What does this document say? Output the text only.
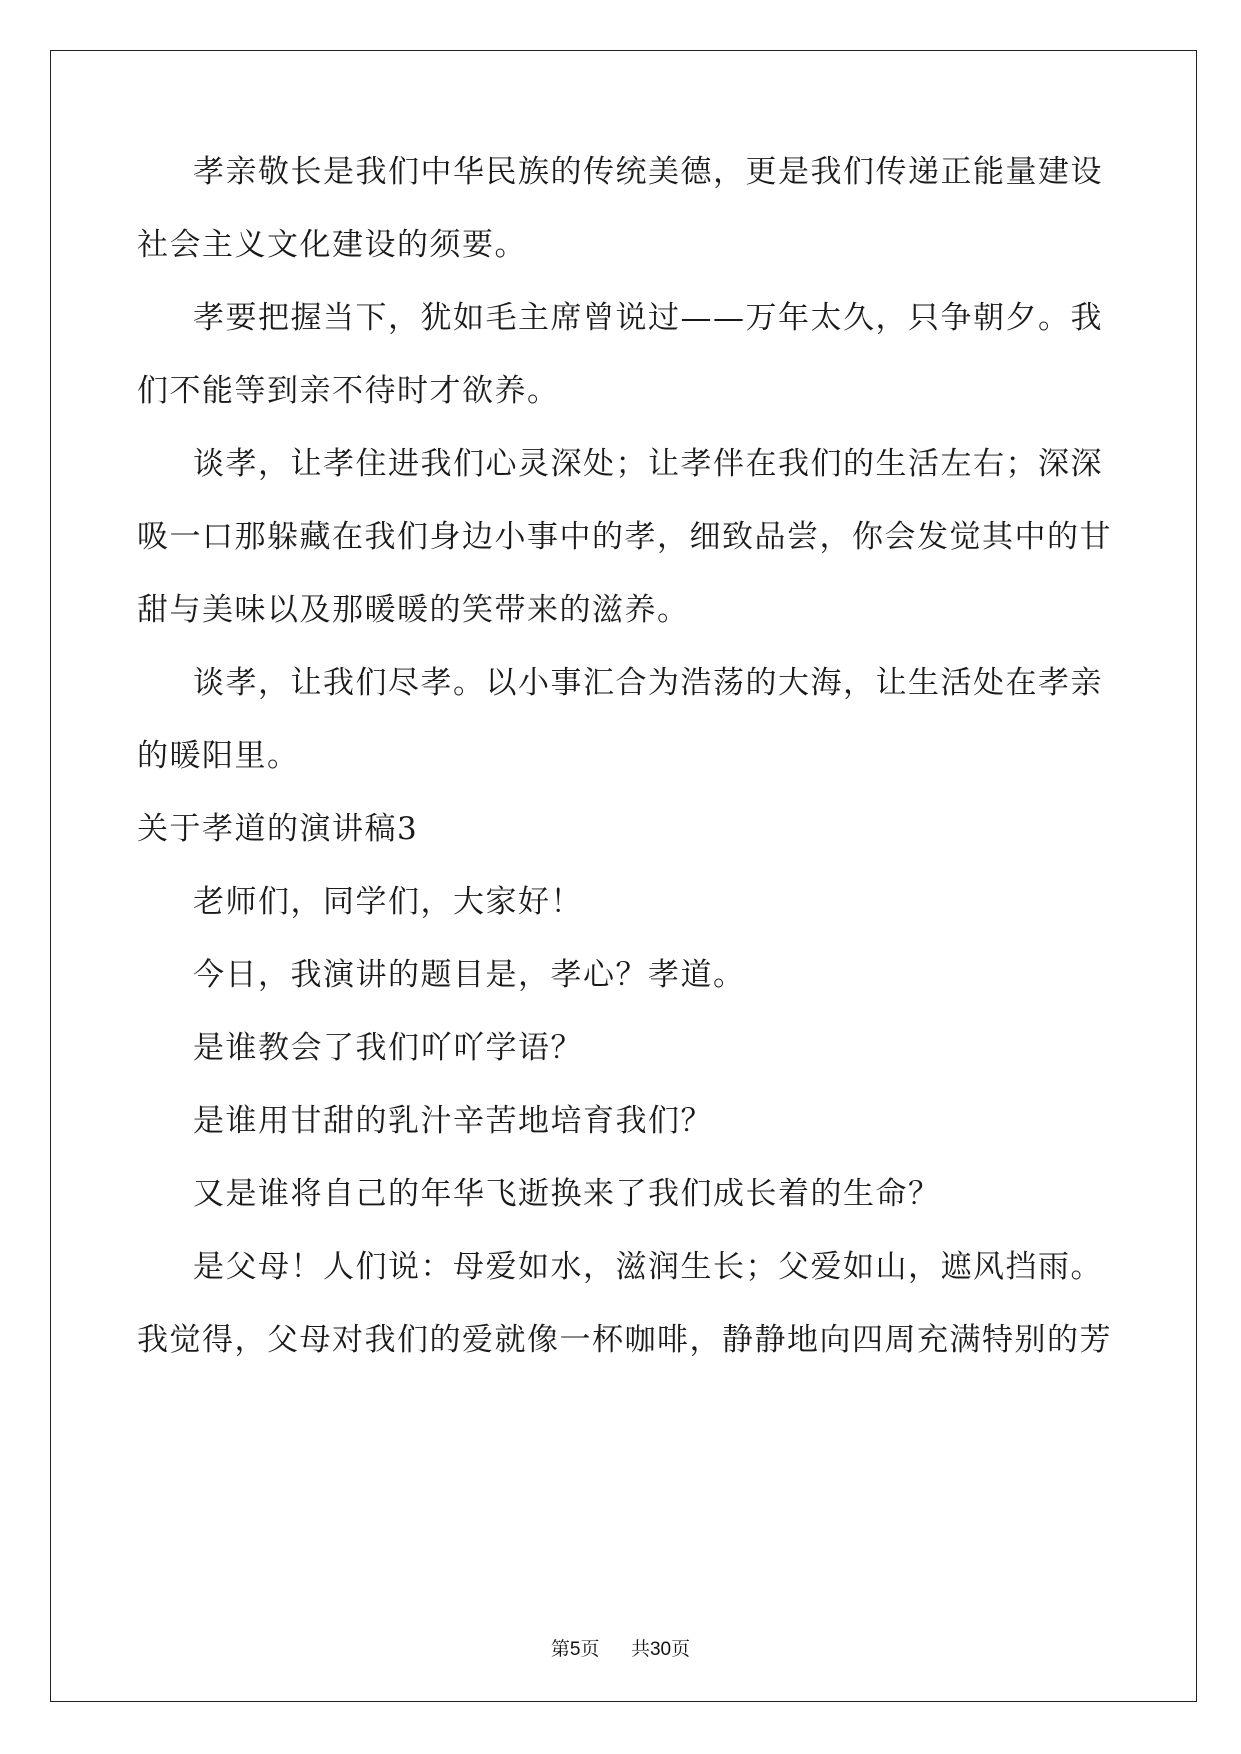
孝亲敬长是我们中华民族的传统美德，更是我们传递正能量建设
社会主义文化建设的须要。
孝要把握当下，犹如毛主席曾说过——万年太久，只争朝夕。我
们不能等到亲不待时才欲养。
谈孝，让孝住进我们心灵深处；让孝伴在我们的生活左右；深深
吸一口那躲藏在我们身边小事中的孝，细致品尝，你会发觉其中的甘
甜与美味以及那暖暖的笑带来的滋养。
谈孝，让我们尽孝。以小事汇合为浩荡的大海，让生活处在孝亲
的暖阳里。
关于孝道的演讲稿3
老师们，同学们，大家好！
今日，我演讲的题目是，孝心？孝道。
是谁教会了我们吖吖学语？
是谁用甘甜的乳汁辛苦地培育我们？
又是谁将自己的年华飞逝换来了我们成长着的生命？
是父母！人们说：母爱如水，滋润生长；父爱如山，遮风挡雨。
我觉得，父母对我们的爱就像一杯咖啡，静静地向四周充满特别的芳
第5页 共30页
